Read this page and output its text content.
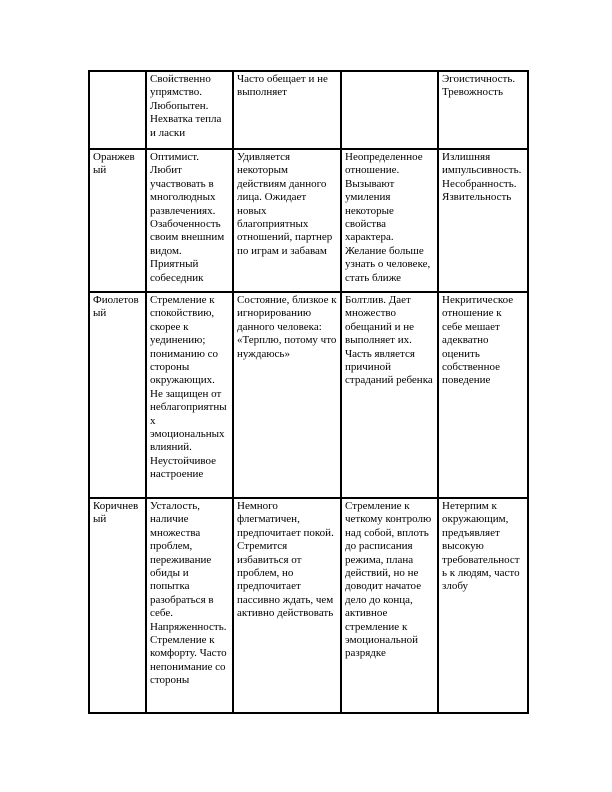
	Свойственно упрямство. Любопытен. Нехватка тепла и ласки	Часто обещает и не выполняет		Эгоистичность. Тревожность
Оранжевый	Оптимист. Любит участвовать в многолюдных развлечениях. Озабоченность своим внешним видом. Приятный собеседник	Удивляется некоторым действиям данного лица. Ожидает новых благоприятных отношений, партнер по играм и забавам	Неопределенное отношение. Вызывают умиления некоторые свойства характера. Желание больше узнать о человеке, стать ближе	Излишняя импульсивность. Несобранность. Язвительность
Фиолетовый	Стремление к спокойствию, скорее к уединению; пониманию со стороны окружающих. Не защищен от неблагоприятных эмоциональных влияний. Неустойчивое настроение	Состояние, близкое к игнорированию данного человека: «Терплю, потому что нуждаюсь»	Болтлив. Дает множество обещаний и не выполняет их. Часть является причиной страданий ребенка	Некритическое отношение к себе мешает адекватно оценить собственное поведение
Коричневый	Усталость, наличие множества проблем, переживание обиды и попытка разобраться в себе. Напряженность. Стремление к комфорту. Часто непонимание со стороны	Немного флегматичен, предпочитает покой. Стремится избавиться от проблем, но предпочитает пассивно ждать, чем активно действовать	Стремление к четкому контролю над собой, вплоть до расписания режима, плана действий, но не доводит начатое дело до конца, активное стремление к эмоциональной разрядке	Нетерпим к окружающим, предъявляет высокую требовательность к людям, часто злобу
